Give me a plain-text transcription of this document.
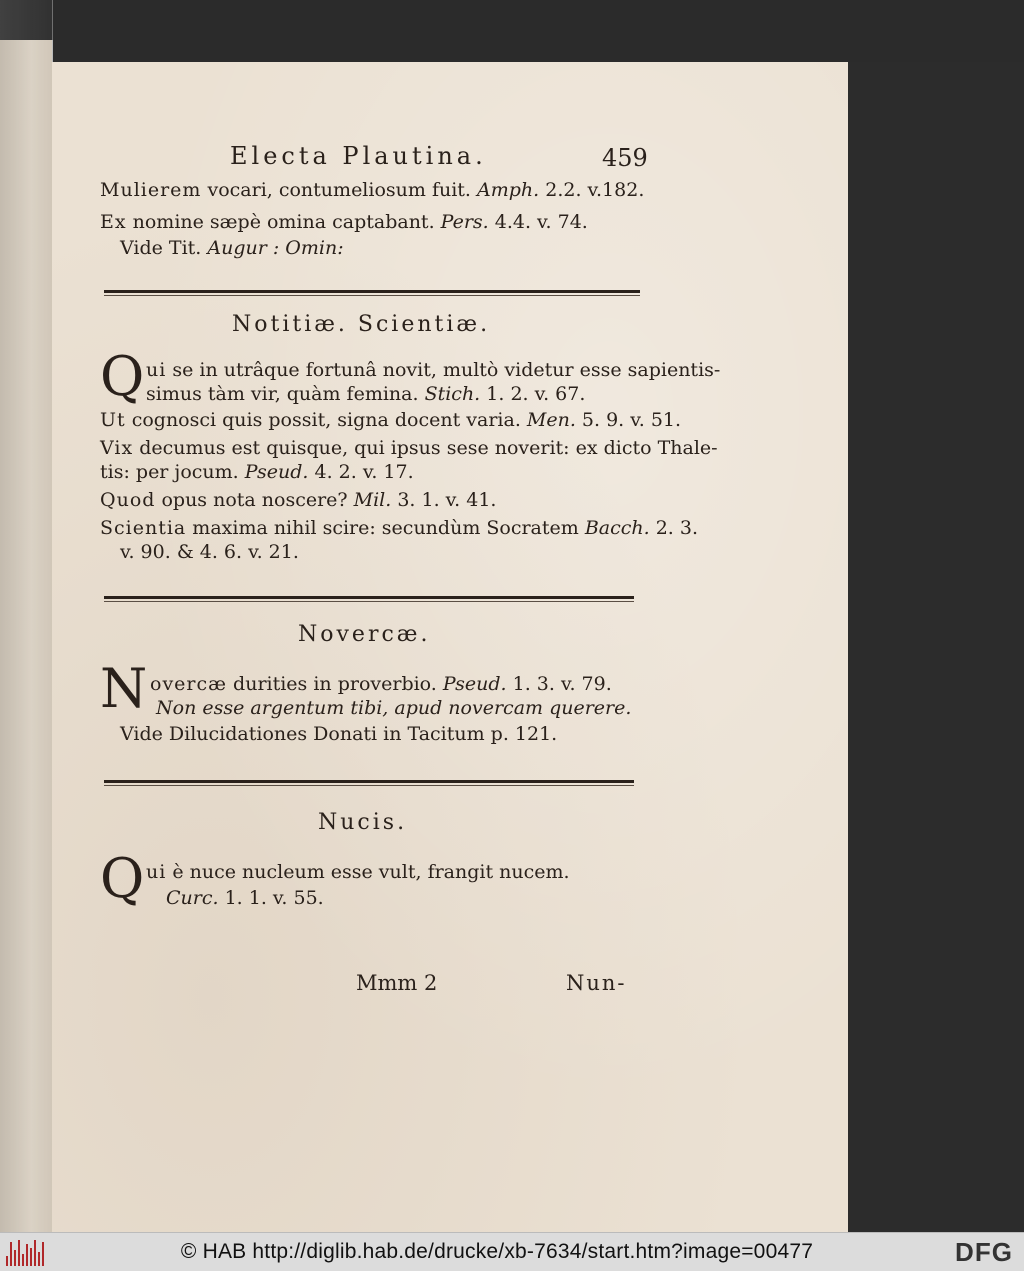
Electa Plautina.	459
Mulierem vocari, contumeliosum fuit. Amph. 2.2. v.182.
Ex nomine sæpè omina captabant. Pers. 4.4. v. 74.
Vide Tit. Augur : Omin:
Notitiæ. Scientiæ.
Q ui se in utrâque fortunâ novit, multò videtur esse sapientis-
simus tàm vir, quàm femina. Stich. 1. 2. v. 67.
Ut cognosci quis possit, signa docent varia. Men. 5. 9. v. 51.
Vix decumus est quisque, qui ipsus sese noverit: ex dicto Thale-
tis: per jocum. Pseud. 4. 2. v. 17.
Quod opus nota noscere? Mil. 3. 1. v. 41.
Scientia maxima nihil scire: secundùm Socratem Bacch. 2. 3.
v. 90. & 4. 6. v. 21.
Novercæ.
N overcæ durities in proverbio. Pseud. 1. 3. v. 79.
Non esse argentum tibi, apud novercam querere.
Vide Dilucidationes Donati in Tacitum p. 121.
Nucis.
Q ui è nuce nucleum esse vult, frangit nucem.
Curc. 1. 1. v. 55.
Mmm 2	Nun-
© HAB http://diglib.hab.de/drucke/xb-7634/start.htm?image=00477	DFG
